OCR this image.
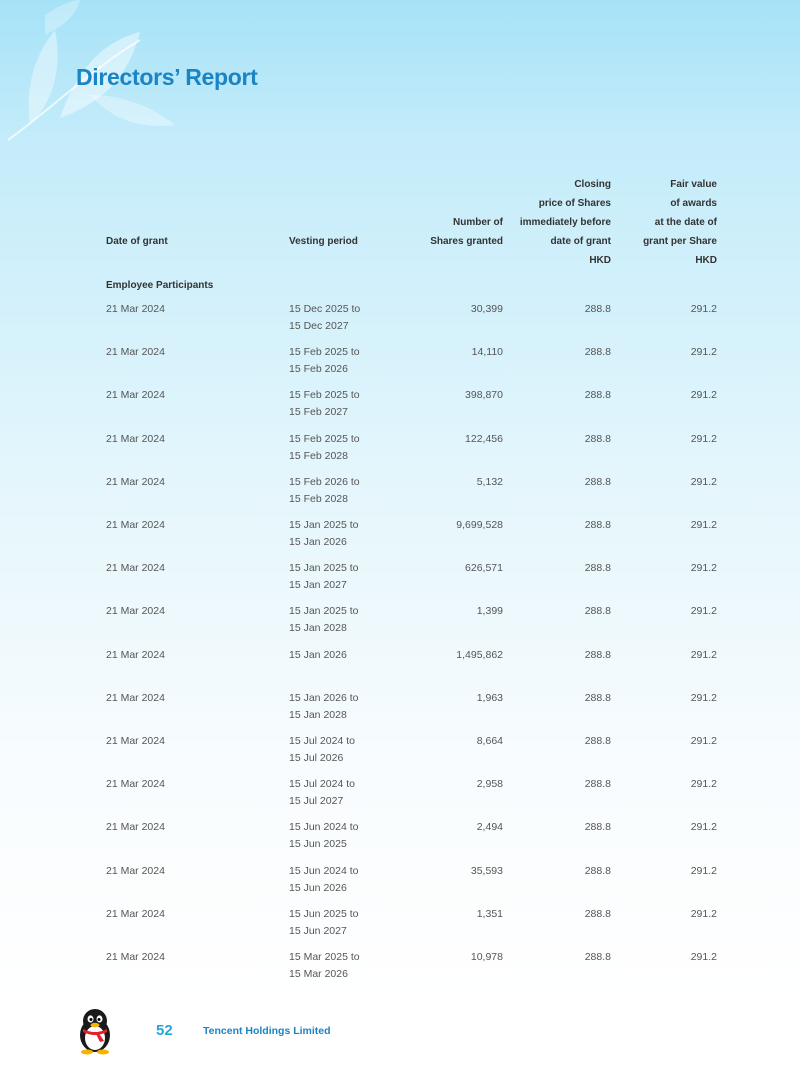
Directors’ Report
Date of grant	Vesting period
Number of
Shares granted
Closing
price of Shares
immediately before
date of grant
HKD
Fair value
of awards
at the date of
grant per Share
HKD
Employee Participants
21 Mar 2024	15 Dec 2025 to
15 Dec 2027
30,399	288.8	291.2
21 Mar 2024	15 Feb 2025 to
15 Feb 2026
14,110	288.8	291.2
21 Mar 2024	15 Feb 2025 to
15 Feb 2027
398,870	288.8	291.2
21 Mar 2024	15 Feb 2025 to
15 Feb 2028
122,456	288.8	291.2
21 Mar 2024	15 Feb 2026 to
15 Feb 2028
5,132	288.8	291.2
21 Mar 2024	15 Jan 2025 to
15 Jan 2026
9,699,528	288.8	291.2
21 Mar 2024	15 Jan 2025 to
15 Jan 2027
626,571	288.8	291.2
21 Mar 2024	15 Jan 2025 to
15 Jan 2028
1,399	288.8	291.2
21 Mar 2024	15 Jan 2026	1,495,862	288.8	291.2
21 Mar 2024	15 Jan 2026 to
15 Jan 2028
1,963	288.8	291.2
21 Mar 2024	15 Jul 2024 to
15 Jul 2026
8,664	288.8	291.2
21 Mar 2024	15 Jul 2024 to
15 Jul 2027
2,958	288.8	291.2
21 Mar 2024	15 Jun 2024 to
15 Jun 2025
2,494	288.8	291.2
21 Mar 2024	15 Jun 2024 to
15 Jun 2026
35,593	288.8	291.2
21 Mar 2024	15 Jun 2025 to
15 Jun 2027
1,351	288.8	291.2
21 Mar 2024	15 Mar 2025 to
15 Mar 2026
10,978	288.8	291.2
52	Tencent Holdings Limited
